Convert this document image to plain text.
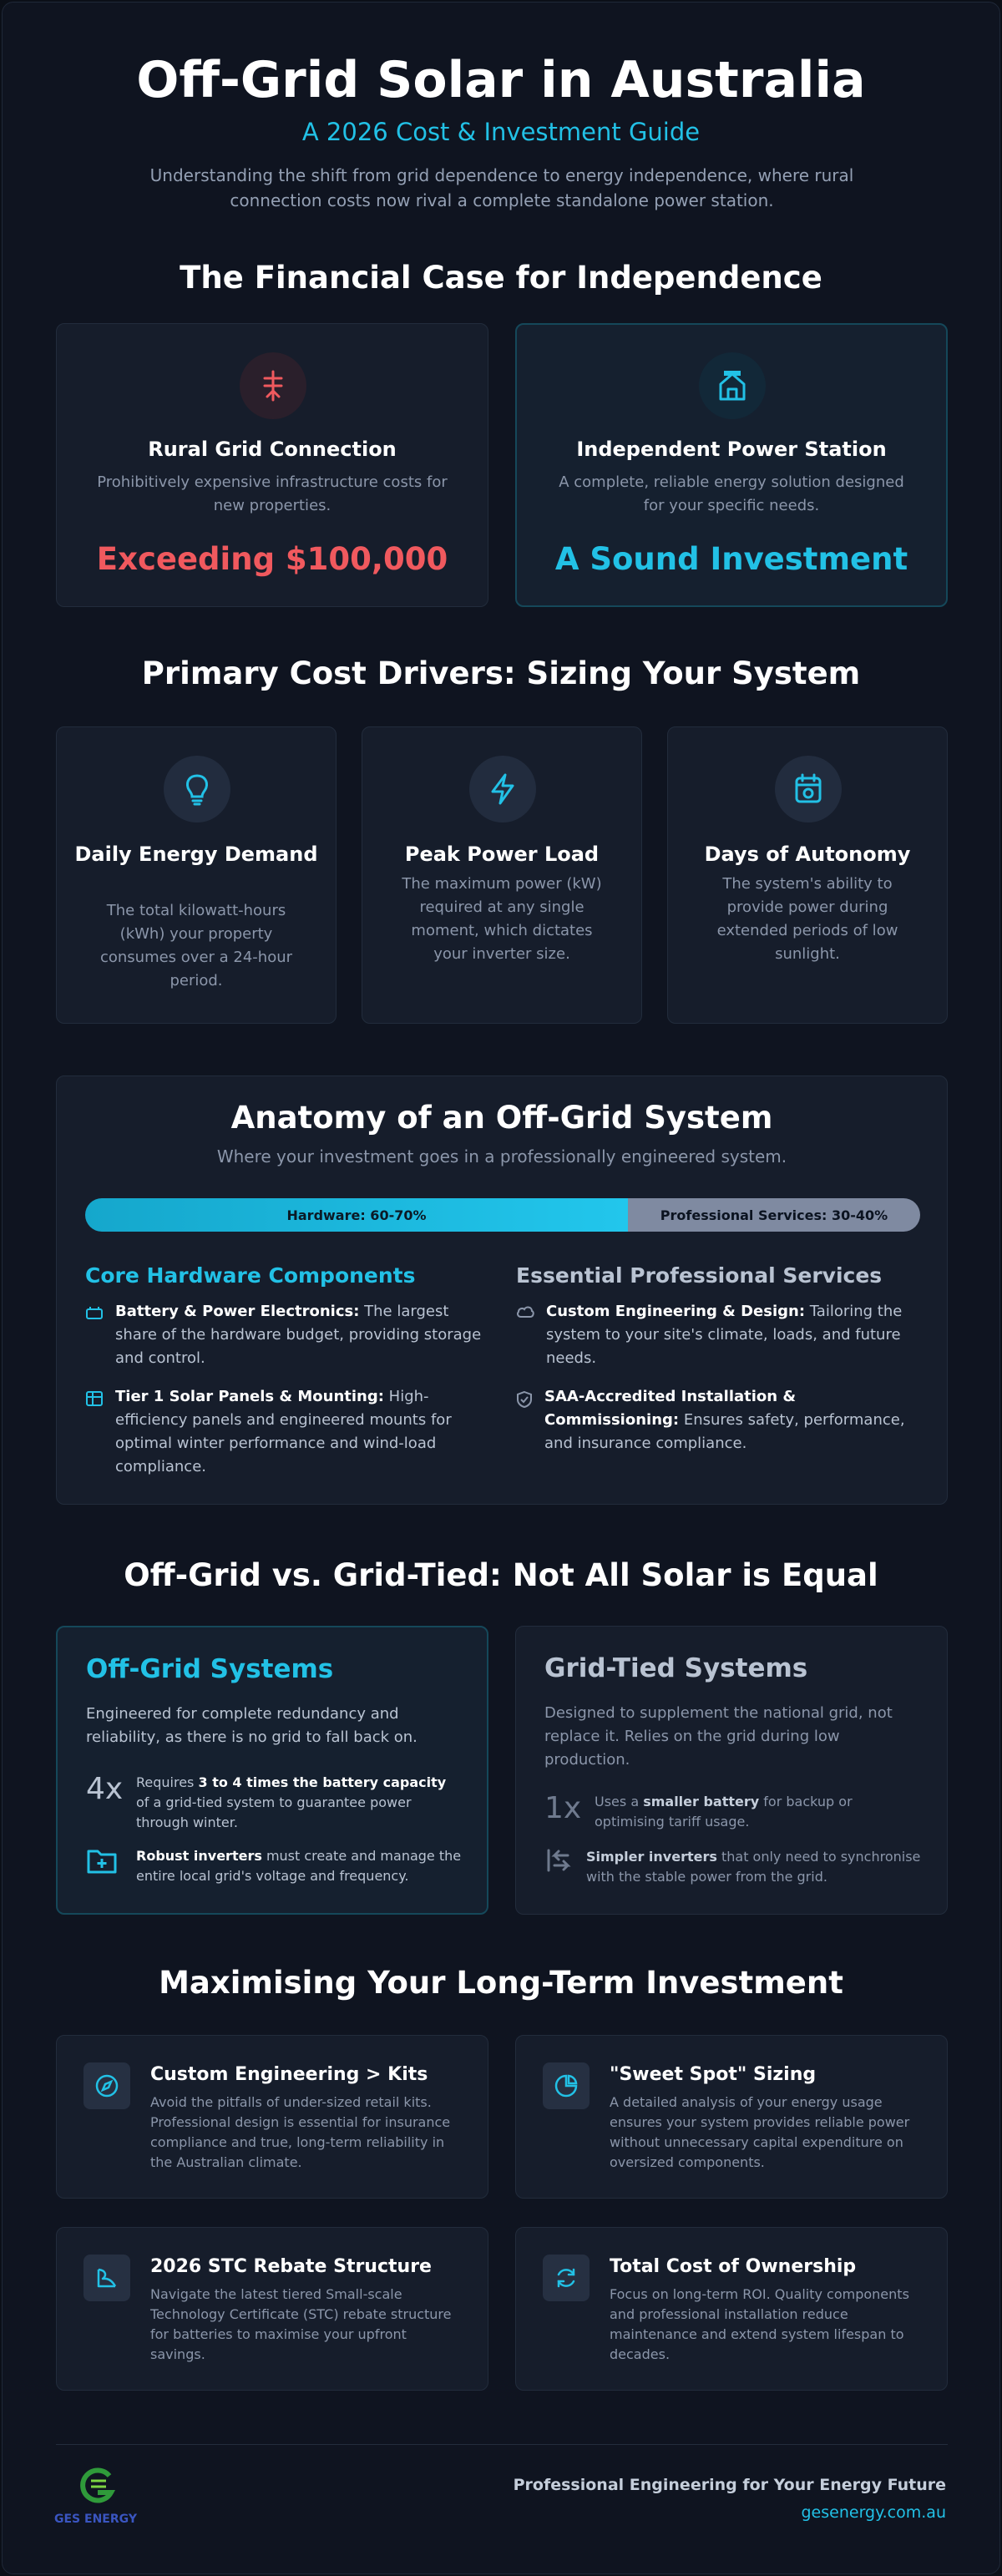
Off-Grid Solar in Australia
A 2026 Cost & Investment Guide
Understanding the shift from grid dependence to energy independence, where rural connection costs now rival a complete standalone power station.
The Financial Case for Independence
Rural Grid Connection
Prohibitively expensive infrastructure costs for new properties.
Exceeding $100,000
Independent Power Station
A complete, reliable energy solution designed for your specific needs.
A Sound Investment
Primary Cost Drivers: Sizing Your System
Daily Energy Demand
The total kilowatt-hours (kWh) your property consumes over a 24-hour period.
Peak Power Load
The maximum power (kW) required at any single moment, which dictates your inverter size.
Days of Autonomy
The system's ability to provide power during extended periods of low sunlight.
Anatomy of an Off-Grid System
Where your investment goes in a professionally engineered system.
Hardware: 60-70%	Professional Services: 30-40%
Core Hardware Components
Battery & Power Electronics: The largest share of the hardware budget, providing storage and control.
Tier 1 Solar Panels & Mounting: High-efficiency panels and engineered mounts for optimal winter performance and wind-load compliance.
Essential Professional Services
Custom Engineering & Design: Tailoring the system to your site's climate, loads, and future needs.
SAA-Accredited Installation & Commissioning: Ensures safety, performance, and insurance compliance.
Off-Grid vs. Grid-Tied: Not All Solar is Equal
Off-Grid Systems
Engineered for complete redundancy and reliability, as there is no grid to fall back on.
4x Requires 3 to 4 times the battery capacity of a grid-tied system to guarantee power through winter.
Robust inverters must create and manage the entire local grid's voltage and frequency.
Grid-Tied Systems
Designed to supplement the national grid, not replace it. Relies on the grid during low production.
1x Uses a smaller battery for backup or optimising tariff usage.
Simpler inverters that only need to synchronise with the stable power from the grid.
Maximising Your Long-Term Investment
Custom Engineering > Kits
Avoid the pitfalls of under-sized retail kits. Professional design is essential for insurance compliance and true, long-term reliability in the Australian climate.
"Sweet Spot" Sizing
A detailed analysis of your energy usage ensures your system provides reliable power without unnecessary capital expenditure on oversized components.
2026 STC Rebate Structure
Navigate the latest tiered Small-scale Technology Certificate (STC) rebate structure for batteries to maximise your upfront savings.
Total Cost of Ownership
Focus on long-term ROI. Quality components and professional installation reduce maintenance and extend system lifespan to decades.
GES ENERGY
Professional Engineering for Your Energy Future
gesenergy.com.au
